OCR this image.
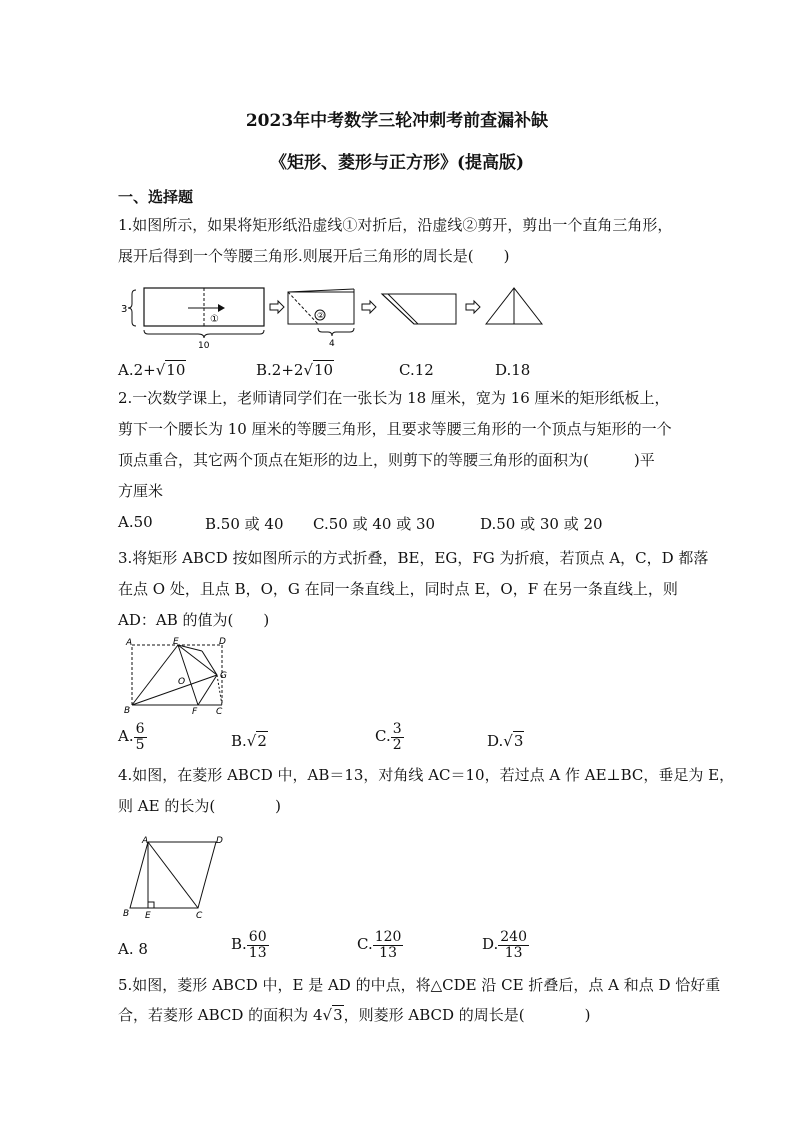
2023年中考数学三轮冲刺考前查漏补缺
《矩形、菱形与正方形》(提高版)
一、选择题
1.如图所示，如果将矩形纸沿虚线①对折后，沿虚线②剪开，剪出一个直角三角形，
展开后得到一个等腰三角形.则展开后三角形的周长是(　　)
3
①
10
②
4
A.2+√10	B.2+2√10	C.12	D.18
2.一次数学课上，老师请同学们在一张长为 18 厘米，宽为 16 厘米的矩形纸板上，
剪下一个腰长为 10 厘米的等腰三角形，且要求等腰三角形的一个顶点与矩形的一个
顶点重合，其它两个顶点在矩形的边上，则剪下的等腰三角形的面积为(　　　)平
方厘米
A.50	B.50 或 40 C.50 或 40 或 30	D.50 或 30 或 20
3.将矩形 ABCD 按如图所示的方式折叠，BE，EG，FG 为折痕，若顶点 A，C，D 都落
在点 O 处，且点 B，O，G 在同一条直线上，同时点 E，O，F 在另一条直线上，则
AD：AB 的值为(　　)
A	E	D
O
G
B	F C
A. $\frac{6}{5}$	B.√2	C. $\frac{3}{2}$	D.√3
4.如图，在菱形 ABCD 中，AB＝13，对角线 AC＝10，若过点 A 作 AE⊥BC，垂足为 E，
则 AE 的长为(　　　　)
A	D
B E	C
A. 8	B. $\frac{60}{13}$	C. $\frac{120}{13}$	D. $\frac{240}{13}$
5.如图，菱形 ABCD 中，E 是 AD 的中点，将△CDE 沿 CE 折叠后，点 A 和点 D 恰好重
合，若菱形 ABCD 的面积为 4√3，则菱形 ABCD 的周长是(　　　　)
